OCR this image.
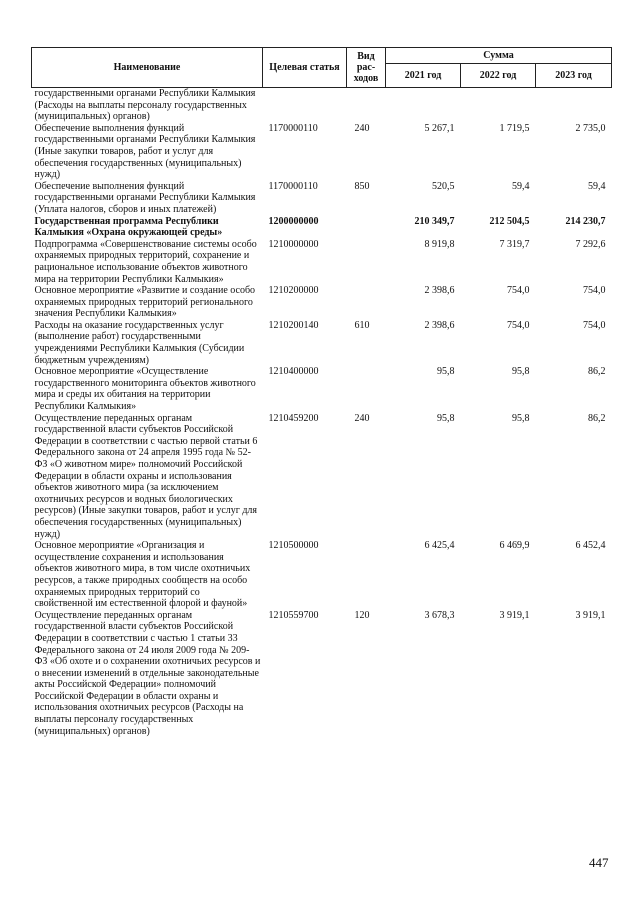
Наименование	Целевая статья	Вид рас-ходов	Сумма		
			2021 год	2022 год	2023 год
государственными органами Республики Калмыкия (Расходы на выплаты персоналу государственных (муниципальных) органов)					
Обеспечение выполнения функций государственными органами Республики Калмыкия (Иные закупки товаров, работ и услуг для обеспечения государственных (муниципальных) нужд)	1170000110	240	5 267,1	1 719,5	2 735,0
Обеспечение выполнения функций государственными органами Республики Калмыкия (Уплата налогов, сборов и иных платежей)	1170000110	850	520,5	59,4	59,4
Государственная программа Республики Калмыкия «Охрана окружающей среды»	1200000000		210 349,7	212 504,5	214 230,7
Подпрограмма «Совершенствование системы особо охраняемых природных территорий, сохранение и рациональное использование объектов животного мира на территории Республики Калмыкия»	1210000000		8 919,8	7 319,7	7 292,6
Основное мероприятие «Развитие и создание особо охраняемых природных территорий регионального значения Республики Калмыкия»	1210200000		2 398,6	754,0	754,0
Расходы на оказание государственных услуг (выполнение работ) государственными учреждениями Республики Калмыкия (Субсидии бюджетным учреждениям)	1210200140	610	2 398,6	754,0	754,0
Основное мероприятие «Осуществление государственного мониторинга объектов животного мира и среды их обитания на территории Республики Калмыкия»	1210400000		95,8	95,8	86,2
Осуществление переданных органам государственной власти субъектов Российской Федерации в соответствии с частью первой статьи 6 Федерального закона от 24 апреля 1995 года № 52-ФЗ «О животном мире» полномочий Российской Федерации в области охраны и использования объектов животного мира (за исключением охотничьих ресурсов и водных биологических ресурсов) (Иные закупки товаров, работ и услуг для обеспечения государственных (муниципальных) нужд)	1210459200	240	95,8	95,8	86,2
Основное мероприятие «Организация и осуществление сохранения и использования объектов животного мира, в том числе охотничьих ресурсов, а также природных сообществ на особо охраняемых природных территорий со свойственной им естественной флорой и фауной»	1210500000		6 425,4	6 469,9	6 452,4
Осуществление переданных органам государственной власти субъектов Российской Федерации в соответствии с частью 1 статьи 33 Федерального закона от 24 июля 2009 года № 209-ФЗ «Об охоте и о сохранении охотничьих ресурсов и о внесении изменений в отдельные законодательные акты Российской Федерации» полномочий Российской Федерации в области охраны и использования охотничьих ресурсов (Расходы на выплаты персоналу государственных (муниципальных) органов)	1210559700	120	3 678,3	3 919,1	3 919,1
447
